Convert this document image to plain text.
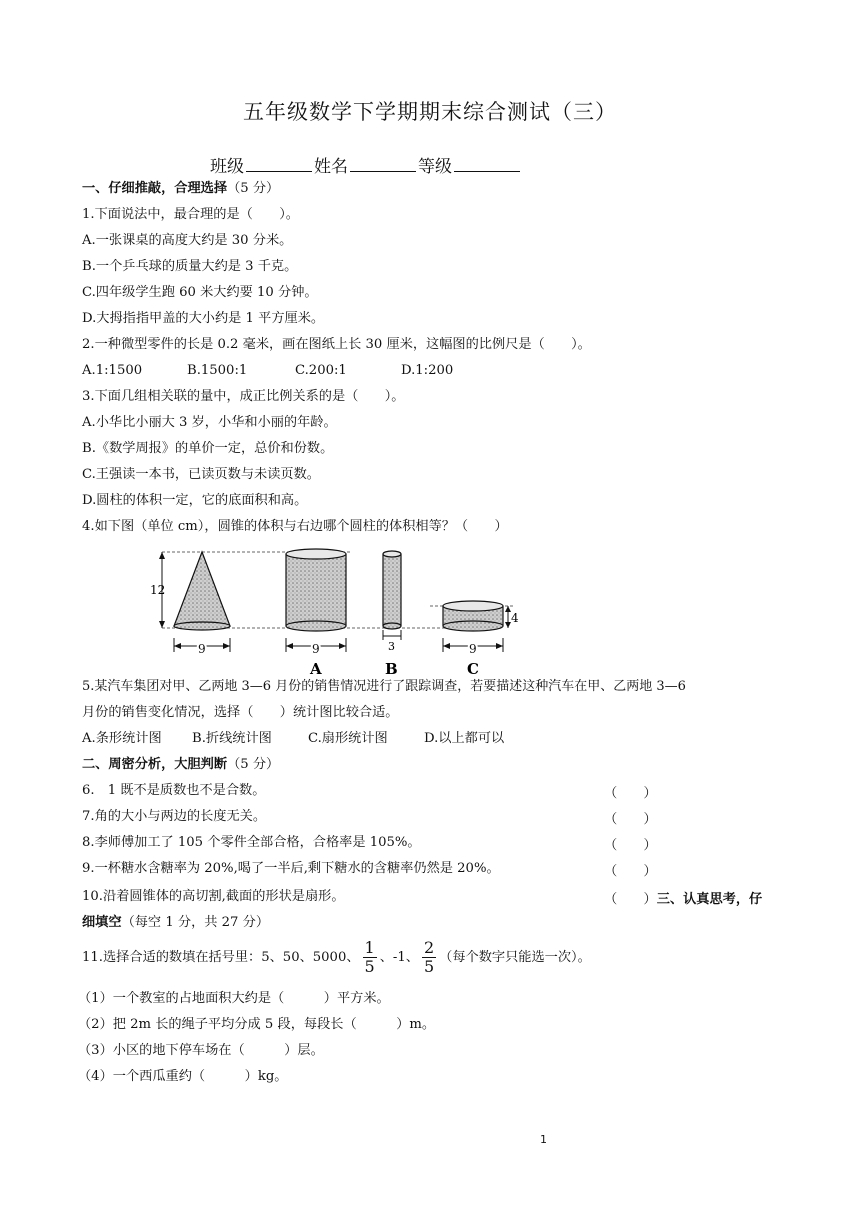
五年级数学下学期期末综合测试（三）
班级	姓名	等级
一、仔细推敲，合理选择（5 分）
1.下面说法中，最合理的是（　　）。
A.一张课桌的高度大约是 30 分米。
B.一个乒乓球的质量大约是 3 千克。
C.四年级学生跑 60 米大约要 10 分钟。
D.大拇指指甲盖的大小约是 1 平方厘米。
2.一种微型零件的长是 0.2 毫米，画在图纸上长 30 厘米，这幅图的比例尺是（　　）。
A.1:1500	B.1500:1	C.200:1	D.1:200
3.下面几组相关联的量中，成正比例关系的是（　　）。
A.小华比小丽大 3 岁，小华和小丽的年龄。
B.《数学周报》的单价一定，总价和份数。
C.王强读一本书，已读页数与未读页数。
D.圆柱的体积一定，它的底面积和高。
4.如下图（单位 cm），圆锥的体积与右边哪个圆柱的体积相等？（　　）
12
9	9
A
3
B
4
9
C
5.某汽车集团对甲、乙两地 3—6 月份的销售情况进行了跟踪调查，若要描述这种汽车在甲、乙两地 3—6
月份的销售变化情况，选择（　　）统计图比较合适。
A.条形统计图 B.折线统计图	C.扇形统计图	D.以上都可以
二、周密分析，大胆判断（5 分）
6.　1 既不是质数也不是合数。	（　　）
7.角的大小与两边的长度无关。	（　　）
8.李师傅加工了 105 个零件全部合格，合格率是 105%。	（　　）
9.一杯糖水含糖率为 20%,喝了一半后,剩下糖水的含糖率仍然是 20%。	（　　）
10.沿着圆锥体的高切割,截面的形状是扇形。	（　　）三、认真思考，仔
细填空（每空 1 分，共 27 分）
11.选择合适的数填在括号里：5、50、5000、 $\frac{1}{5}$ 、-1、 $\frac{2}{5}$ （每个数字只能选一次）。
（1）一个教室的占地面积大约是（　　　）平方米。
（2）把 2m 长的绳子平均分成 5 段，每段长（　　　）m。
（3）小区的地下停车场在（　　　）层。
（4）一个西瓜重约（　　　）kg。
1
